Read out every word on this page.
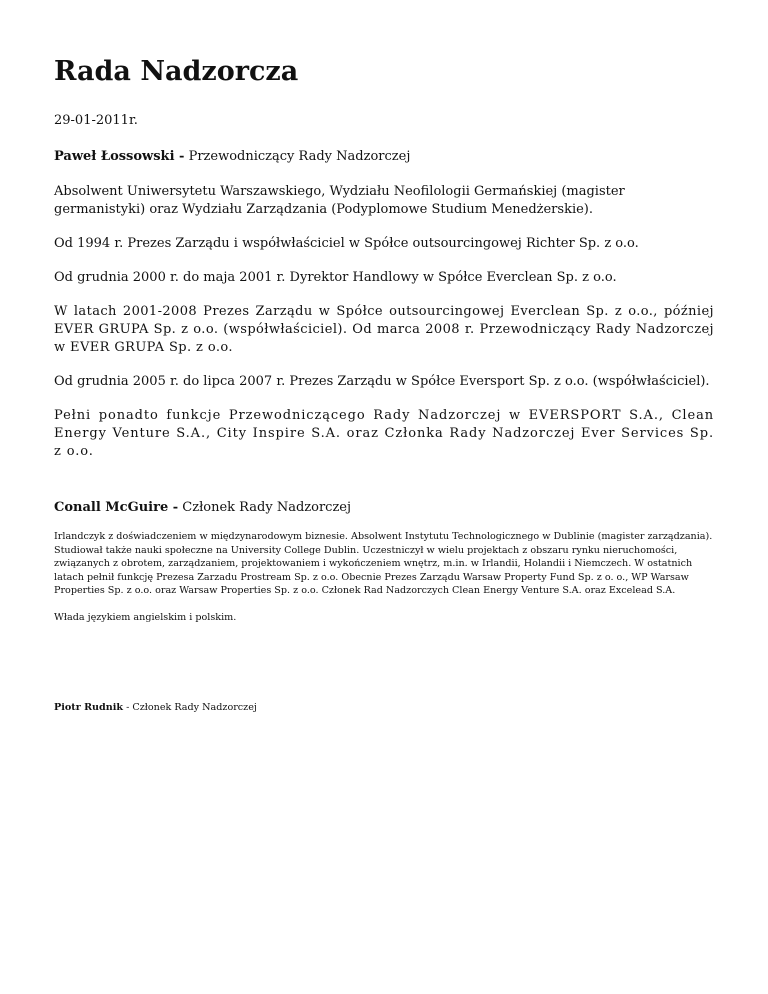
Rada Nadzorcza
29-01-2011r.
Paweł Łossowski - Przewodniczący Rady Nadzorczej

Absolwent Uniwersytetu Warszawskiego, Wydziału Neofilologii Germańskiej (magister germanistyki) oraz Wydziału Zarządzania (Podyplomowe Studium Menedżerskie).

Od 1994 r. Prezes Zarządu i współwłaściciel w Spółce outsourcingowej Richter Sp. z o.o.

Od grudnia 2000 r. do maja 2001 r. Dyrektor Handlowy w Spółce Everclean Sp. z o.o.

W latach 2001-2008 Prezes Zarządu w Spółce outsourcingowej Everclean Sp. z o.o., później EVER GRUPA Sp. z o.o. (współwłaściciel). Od marca 2008 r. Przewodniczący Rady Nadzorczej w EVER GRUPA Sp. z o.o.

Od grudnia 2005 r. do lipca 2007 r. Prezes Zarządu w Spółce Eversport Sp. z o.o. (współwłaściciel).

Pełni ponadto funkcje Przewodniczącego Rady Nadzorczej w EVERSPORT S.A., Clean Energy Venture S.A., City Inspire S.A. oraz Członka Rady Nadzorczej Ever Services Sp. z o.o.

Conall McGuire - Członek Rady Nadzorczej

Irlandczyk z doświadczeniem w międzynarodowym biznesie. Absolwent Instytutu Technologicznego w Dublinie (magister zarządzania). Studiował także nauki społeczne na University College Dublin. Uczestniczył w wielu projektach z obszaru rynku nieruchomości, związanych z obrotem, zarządzaniem, projektowaniem i wykończeniem wnętrz, m.in. w Irlandii, Holandii i Niemczech. W ostatnich latach pełnił funkcję Prezesa Zarzadu Prostream Sp. z o.o. Obecnie Prezes Zarządu Warsaw Property Fund Sp. z o. o., WP Warsaw Properties Sp. z o.o. oraz Warsaw Properties Sp. z o.o. Członek Rad Nadzorczych Clean Energy Venture S.A. oraz Excelead S.A.

Włada językiem angielskim i polskim.

Piotr Rudnik - Członek Rady Nadzorczej
